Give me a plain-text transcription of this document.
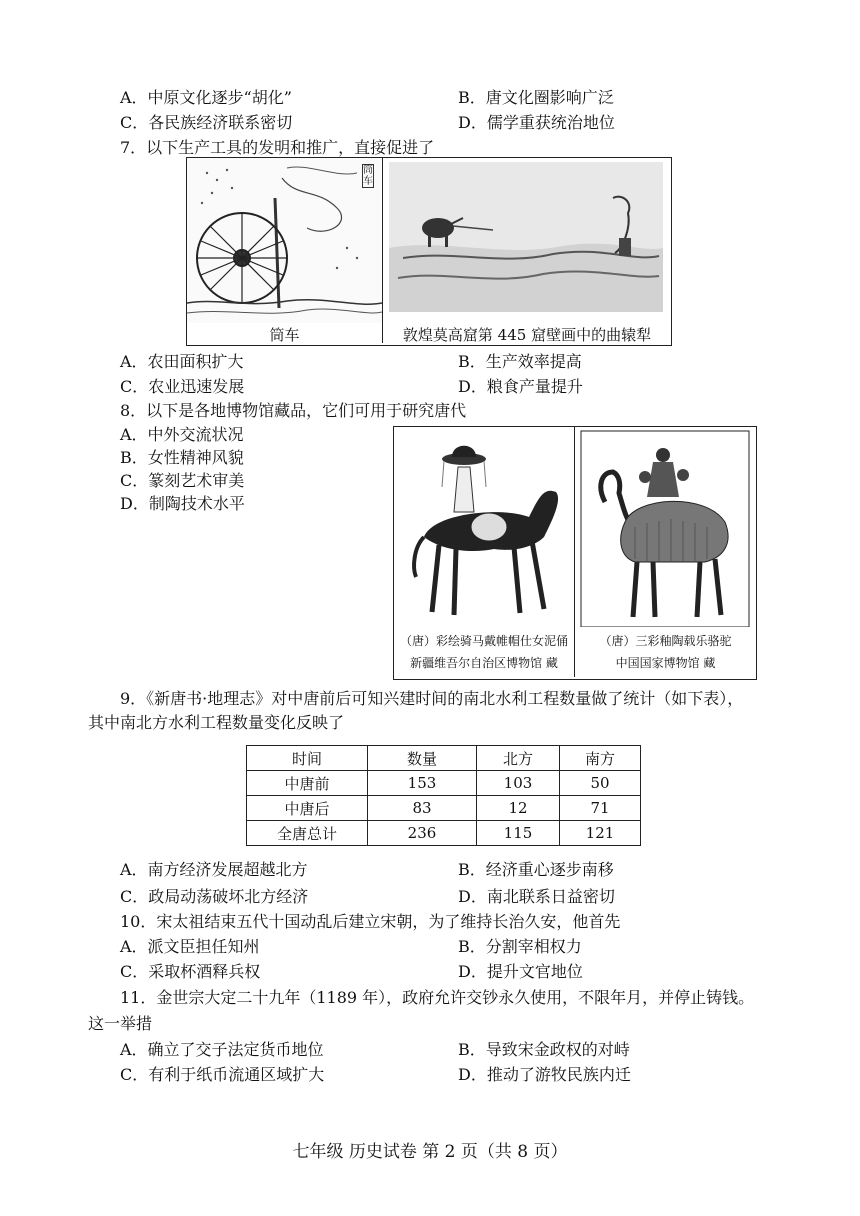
A．中原文化逐步“胡化”	B．唐文化圈影响广泛
C．各民族经济联系密切	D．儒学重获统治地位
7．以下生产工具的发明和推广，直接促进了
筒车
筒车	敦煌莫高窟第 445 窟壁画中的曲辕犁
A．农田面积扩大	B．生产效率提高
C．农业迅速发展	D．粮食产量提升
8．以下是各地博物馆藏品，它们可用于研究唐代
A．中外交流状况
B．女性精神风貌
C．篆刻艺术审美
D．制陶技术水平
（唐）彩绘骑马戴帷帽仕女泥俑
新疆维吾尔自治区博物馆 藏
（唐）三彩釉陶载乐骆驼
中国国家博物馆 藏
9．《新唐书·地理志》对中唐前后可知兴建时间的南北水利工程数量做了统计（如下表），
其中南北方水利工程数量变化反映了
时间	数量	北方	南方
中唐前	153	103	50
中唐后	83	12	71
全唐总计	236	115	121
A．南方经济发展超越北方	B．经济重心逐步南移
C．政局动荡破坏北方经济	D．南北联系日益密切
10．宋太祖结束五代十国动乱后建立宋朝，为了维持长治久安，他首先
A．派文臣担任知州	B．分割宰相权力
C．采取杯酒释兵权	D．提升文官地位
11．金世宗大定二十九年（1189 年），政府允许交钞永久使用，不限年月，并停止铸钱。
这一举措
A．确立了交子法定货币地位	B．导致宋金政权的对峙
C．有利于纸币流通区域扩大	D．推动了游牧民族内迁
七年级 历史试卷 第 2 页（共 8 页）
